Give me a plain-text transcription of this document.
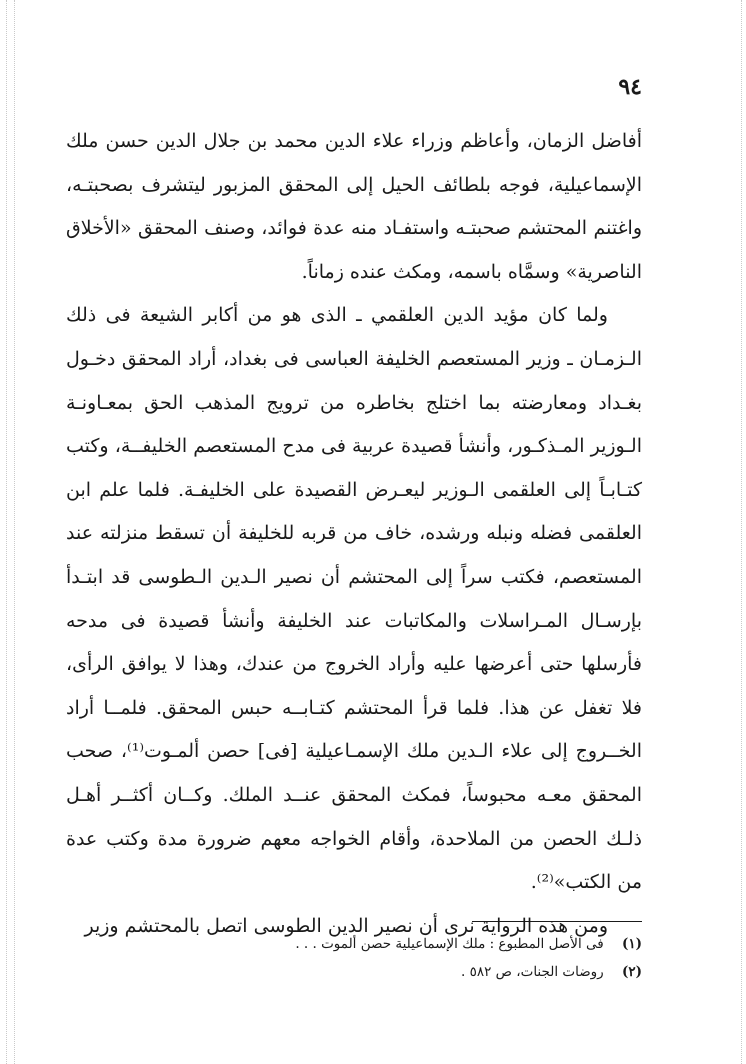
٩٤

أفاضل الزمان، وأعاظم وزراء علاء الدين محمد بن جلال الدين حسن ملك الإسماعيلية، فوجه بلطائف الحيل إلى المحقق المزبور ليتشرف بصحبتـه، واغتنم المحتشم صحبتـه واستفـاد منه عدة فوائد، وصنف المحقق «الأخلاق الناصرية» وسمَّاه باسمه، ومكث عنده زماناً.

ولما كان مؤيد الدين العلقمي ـ الذى هو من أكابر الشيعة فى ذلك الـزمـان ـ وزير المستعصم الخليفة العباسى فى بغداد، أراد المحقق دخـول بغـداد ومعارضته بما اختلج بخاطره من ترويج المذهب الحق بمعـاونـة الـوزير المـذكـور، وأنشأ قصيدة عربية فى مدح المستعصم الخليفــة، وكتب كتـابـاً إلى العلقمى الـوزير ليعـرض القصيدة على الخليفـة. فلما علم ابن العلقمى فضله ونبله ورشده، خاف من قربه للخليفة أن تسقط منزلته عند المستعصم، فكتب سراً إلى المحتشم أن نصير الـدين الـطوسى قد ابتـدأ بإرسـال المـراسلات والمكاتبات عند الخليفة وأنشأ قصيدة فى مدحه فأرسلها حتى أعرضها عليه وأراد الخروج من عندك، وهذا لا يوافق الرأى، فلا تغفل عن هذا. فلما قرأ المحتشم كتـابــه حبس المحقق. فلمــا أراد الخــروج إلى علاء الـدين ملك الإسمـاعيلية [فى] حصن ألمـوت⁽¹⁾، صحب المحقق معـه محبوساً، فمكث المحقق عنــد الملك. وكــان أكثــر أهـل ذلـك الحصن من الملاحدة، وأقام الخواجه معهم ضرورة مدة وكتب عدة من الكتب»⁽²⁾.

ومن هذه الرواية نرى أن نصير الدين الطوسى اتصل بالمحتشم وزير

(١) فى الأصل المطبوع : ملك الإسماعيلية حصن ألموت . . .
(٢) روضات الجنات، ص ٥٨٢ .
